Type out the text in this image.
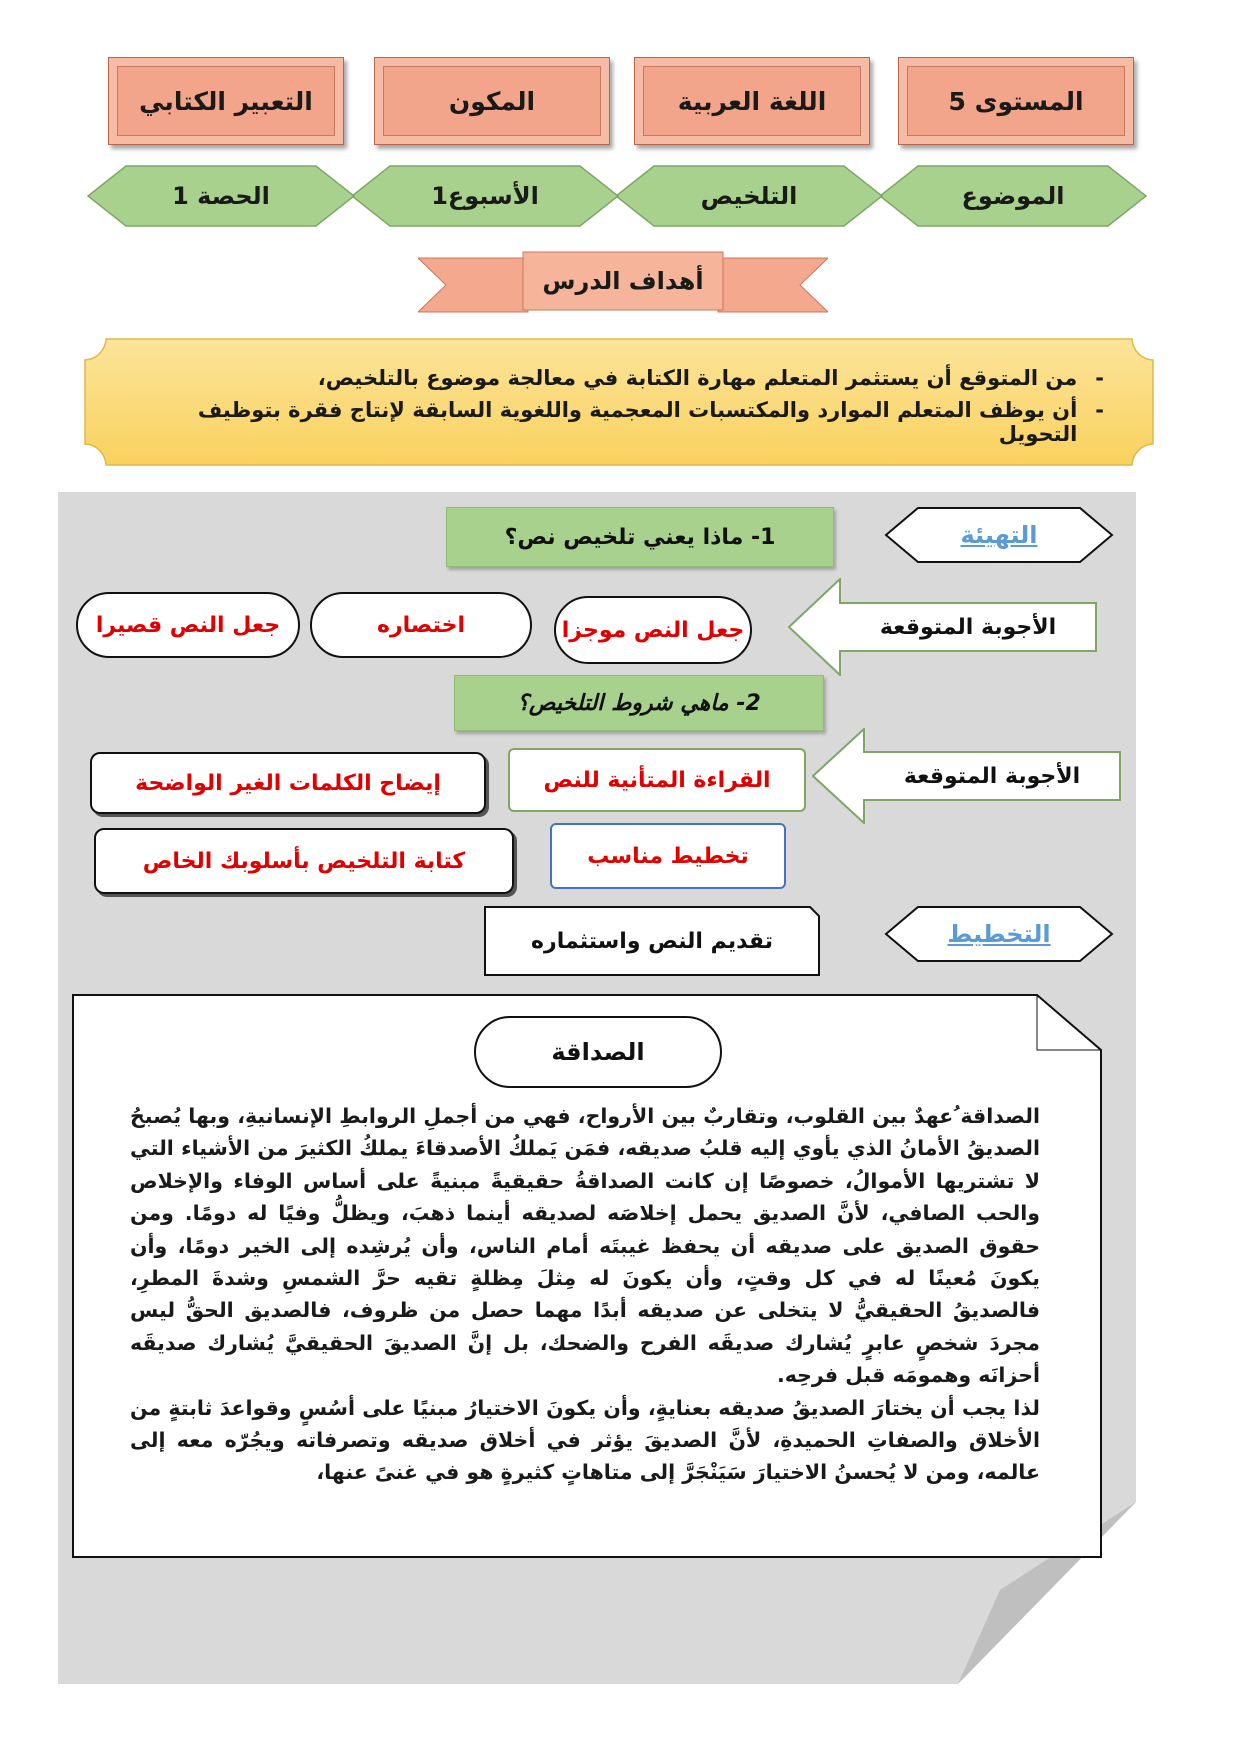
المستوى 5
اللغة العربية
المكون
التعبير الكتابي
الموضوع
التلخيص
الأسبوع1
الحصة 1
أهداف الدرس
-
من المتوقع أن يستثمر المتعلم مهارة الكتابة في معالجة موضوع بالتلخيص،
-
أن يوظف المتعلم الموارد والمكتسبات المعجمية واللغوية السابقة لإنتاج فقرة بتوظيف التحويل
التهيئة
1- ماذا يعني تلخيص نص؟
الأجوبة المتوقعة
جعل النص موجزا
اختصاره
جعل النص قصيرا
2- ماهي شروط التلخيص؟
الأجوبة المتوقعة
القراءة المتأنية للنص
إيضاح الكلمات الغير الواضحة
تخطيط مناسب
كتابة التلخيص بأسلوبك الخاص
التخطيط
تقديم النص واستثماره
الصداقة

الصداقة ُعهدٌ بين القلوب، وتقاربٌ بين الأرواح، فهي من أجملِ الروابطِ الإنسانيةِ، وبها يُصبحُ الصديقُ الأمانُ الذي يأوي إليه قلبُ صديقه، فمَن يَملكُ الأصدقاءَ يملكُ الكثيرَ من الأشياء التي لا تشتريها الأموالُ، خصوصًا إن كانت الصداقةُ حقيقيةً مبنيةً على أساس الوفاء والإخلاص والحب الصافي، لأنَّ الصديق يحمل إخلاصَه لصديقه أينما ذهبَ، ويظلُّ وفيًا له دومًا. ومن حقوق الصديق على صديقه أن يحفظ غيبتَه أمام الناس، وأن يُرشِده إلى الخير دومًا، وأن يكونَ مُعينًا له في كل وقتٍ، وأن يكونَ له مِثلَ مِظلةٍ تقيه حرَّ الشمسِ وشدةَ المطرِ، فالصديقُ الحقيقيُّ لا يتخلى عن صديقه أبدًا مهما حصل من ظروف، فالصديق الحقُّ ليس مجردَ شخصٍ عابرٍ يُشارك صديقَه الفرح والضحك، بل إنَّ الصديقَ الحقيقيَّ يُشارك صديقَه أحزانَه وهمومَه قبل فرحِه.

لذا يجب أن يختارَ الصديقُ صديقه بعنايةٍ، وأن يكونَ الاختيارُ مبنيًا على أسُسٍ وقواعدَ ثابتةٍ من الأخلاق والصفاتِ الحميدةِ، لأنَّ الصديقَ يؤثر في أخلاق صديقه وتصرفاته ويجُرّه معه إلى عالمه، ومن لا يُحسنُ الاختيارَ سَيَنْجَرَّ إلى متاهاتٍ كثيرةٍ هو في غنىً عنها،
